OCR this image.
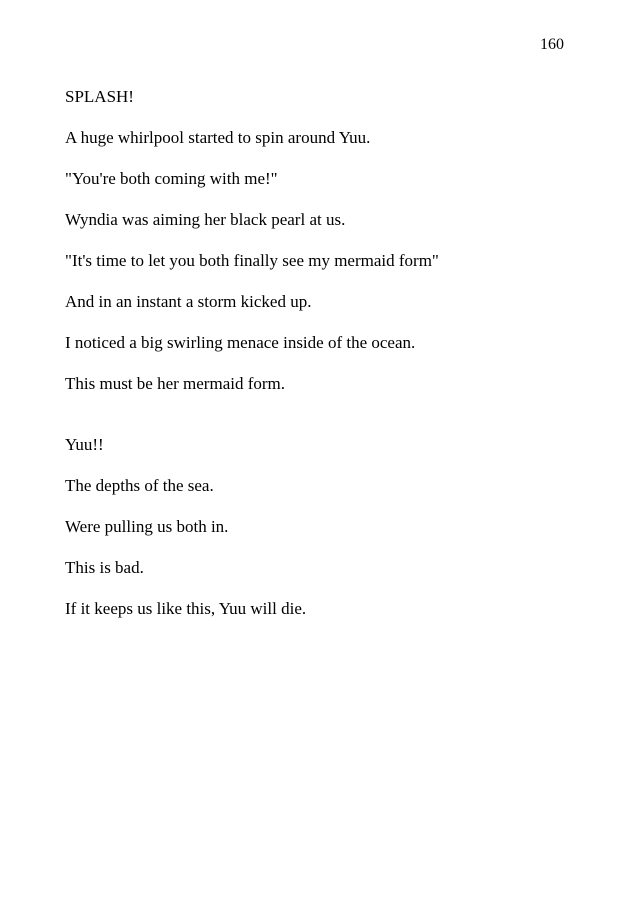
160
SPLASH!
A huge whirlpool started to spin around Yuu.
"You're both coming with me!"
Wyndia was aiming her black pearl at us.
"It's time to let you both finally see my mermaid form"
And in an instant a storm kicked up.
I noticed a big swirling menace inside of the ocean.
This must be her mermaid form.
Yuu!!
The depths of the sea.
Were pulling us both in.
This is bad.
If it keeps us like this, Yuu will die.
